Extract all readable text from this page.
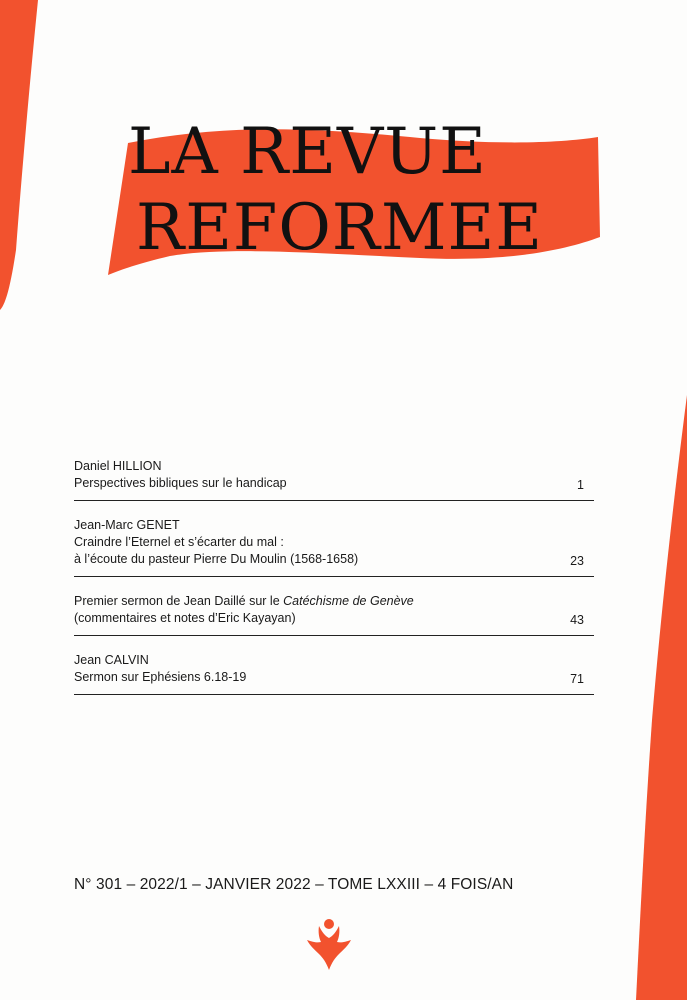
LA REVUE
REFORMEE
Daniel HILLION
Perspectives bibliques sur le handicap	1
Jean-Marc GENET
Craindre l’Eternel et s’écarter du mal :
à l’écoute du pasteur Pierre Du Moulin (1568-1658)	23
Premier sermon de Jean Daillé sur le Catéchisme de Genève
(commentaires et notes d’Eric Kayayan)	43
Jean CALVIN
Sermon sur Ephésiens 6.18-19	71
N° 301 – 2022/1 – JANVIER 2022 – TOME LXXIII – 4 FOIS/AN
